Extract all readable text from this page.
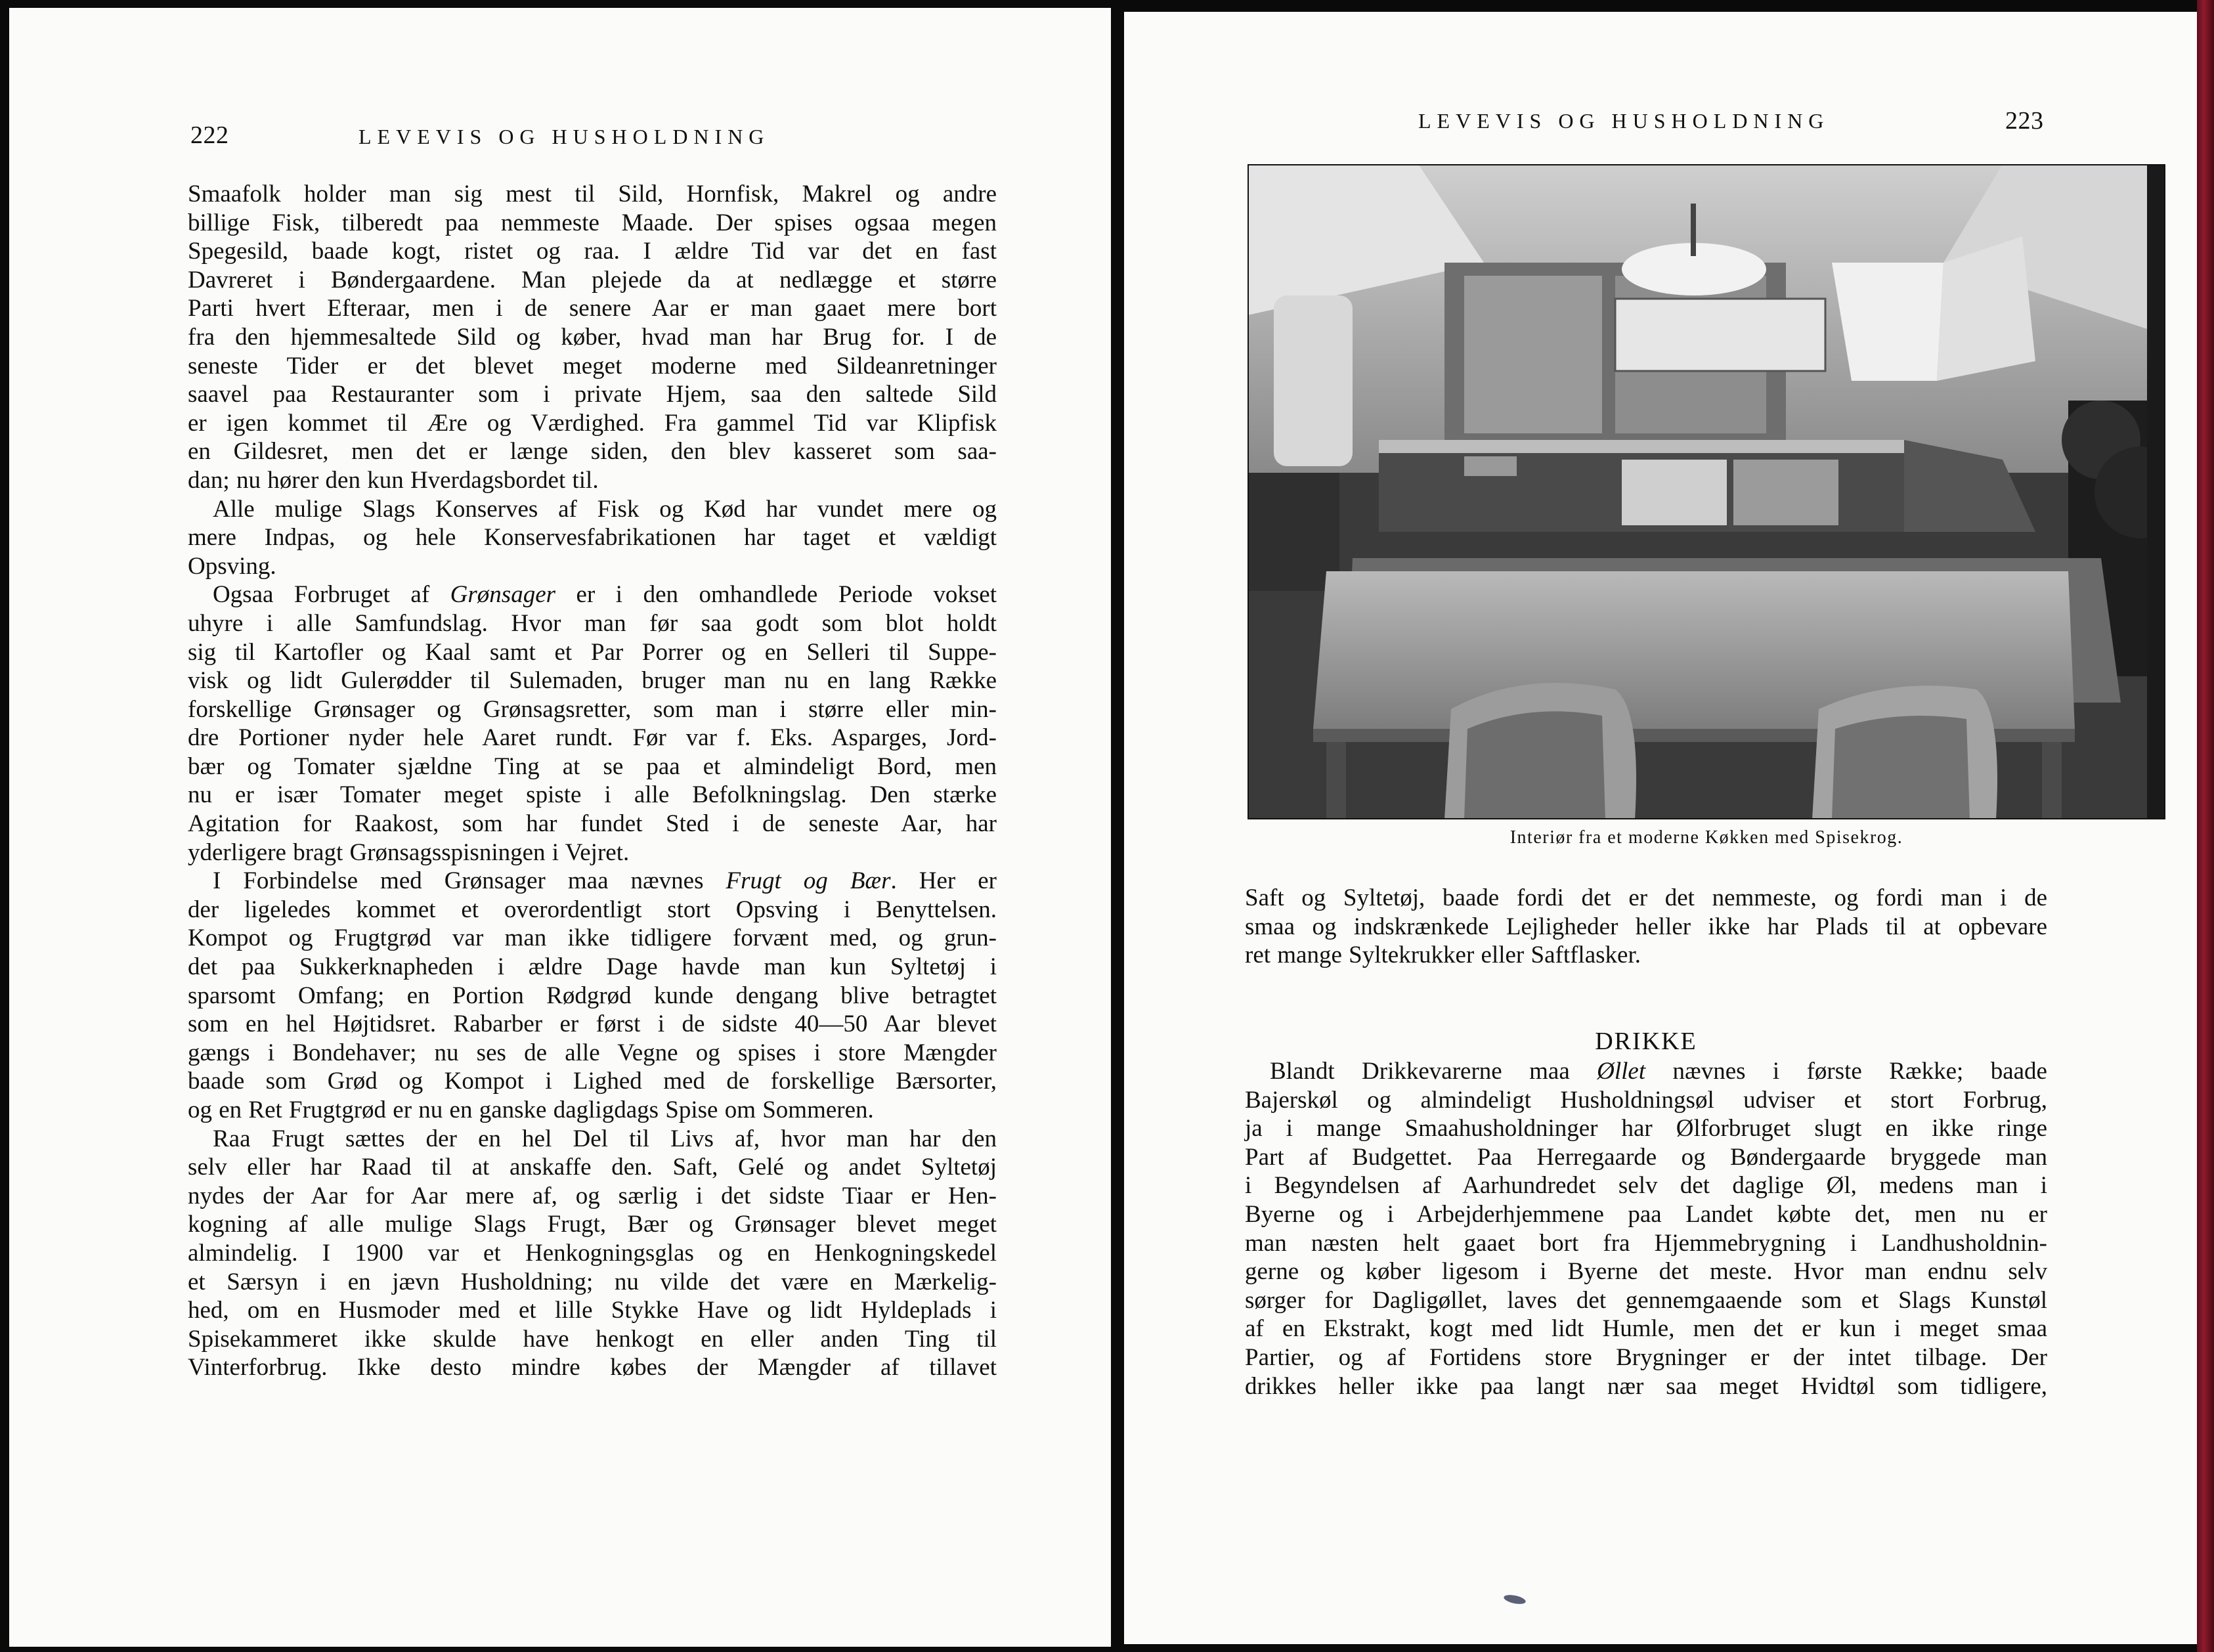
222	LEVEVIS OG HUSHOLDNING
Smaafolk holder man sig mest til Sild, Hornfisk, Makrel og andre
billige Fisk, tilberedt paa nemmeste Maade. Der spises ogsaa megen
Spegesild, baade kogt, ristet og raa. I ældre Tid var det en fast
Davreret i Bøndergaardene. Man plejede da at nedlægge et større
Parti hvert Efteraar, men i de senere Aar er man gaaet mere bort
fra den hjemmesaltede Sild og køber, hvad man har Brug for. I de
seneste Tider er det blevet meget moderne med Sildeanretninger
saavel paa Restauranter som i private Hjem, saa den saltede Sild
er igen kommet til Ære og Værdighed. Fra gammel Tid var Klipfisk
en Gildesret, men det er længe siden, den blev kasseret som saa-
dan; nu hører den kun Hverdagsbordet til.
Alle mulige Slags Konserves af Fisk og Kød har vundet mere og
mere Indpas, og hele Konservesfabrikationen har taget et vældigt
Opsving.
Ogsaa Forbruget af Grønsager er i den omhandlede Periode vokset
uhyre i alle Samfundslag. Hvor man før saa godt som blot holdt
sig til Kartofler og Kaal samt et Par Porrer og en Selleri til Suppe-
visk og lidt Gulerødder til Sulemaden, bruger man nu en lang Række
forskellige Grønsager og Grønsagsretter, som man i større eller min-
dre Portioner nyder hele Aaret rundt. Før var f. Eks. Asparges, Jord-
bær og Tomater sjældne Ting at se paa et almindeligt Bord, men
nu er især Tomater meget spiste i alle Befolkningslag. Den stærke
Agitation for Raakost, som har fundet Sted i de seneste Aar, har
yderligere bragt Grønsagsspisningen i Vejret.
I Forbindelse med Grønsager maa nævnes Frugt og Bær. Her er
der ligeledes kommet et overordentligt stort Opsving i Benyttelsen.
Kompot og Frugtgrød var man ikke tidligere forvænt med, og grun-
det paa Sukkerknapheden i ældre Dage havde man kun Syltetøj i
sparsomt Omfang; en Portion Rødgrød kunde dengang blive betragtet
som en hel Højtidsret. Rabarber er først i de sidste 40—50 Aar blevet
gængs i Bondehaver; nu ses de alle Vegne og spises i store Mængder
baade som Grød og Kompot i Lighed med de forskellige Bærsorter,
og en Ret Frugtgrød er nu en ganske dagligdags Spise om Sommeren.
Raa Frugt sættes der en hel Del til Livs af, hvor man har den
selv eller har Raad til at anskaffe den. Saft, Gelé og andet Syltetøj
nydes der Aar for Aar mere af, og særlig i det sidste Tiaar er Hen-
kogning af alle mulige Slags Frugt, Bær og Grønsager blevet meget
almindelig. I 1900 var et Henkogningsglas og en Henkogningskedel
et Særsyn i en jævn Husholdning; nu vilde det være en Mærkelig-
hed, om en Husmoder med et lille Stykke Have og lidt Hyldeplads i
Spisekammeret ikke skulde have henkogt en eller anden Ting til
Vinterforbrug. Ikke desto mindre købes der Mængder af tillavet
LEVEVIS OG HUSHOLDNING	223
Interiør fra et moderne Køkken med Spisekrog.
Saft og Syltetøj, baade fordi det er det nemmeste, og fordi man i de
smaa og indskrænkede Lejligheder heller ikke har Plads til at opbevare
ret mange Syltekrukker eller Saftflasker.
DRIKKE
Blandt Drikkevarerne maa Øllet nævnes i første Række; baade
Bajerskøl og almindeligt Husholdningsøl udviser et stort Forbrug,
ja i mange Smaahusholdninger har Ølforbruget slugt en ikke ringe
Part af Budgettet. Paa Herregaarde og Bøndergaarde bryggede man
i Begyndelsen af Aarhundredet selv det daglige Øl, medens man i
Byerne og i Arbejderhjemmene paa Landet købte det, men nu er
man næsten helt gaaet bort fra Hjemmebrygning i Landhusholdnin-
gerne og køber ligesom i Byerne det meste. Hvor man endnu selv
sørger for Dagligøllet, laves det gennemgaaende som et Slags Kunstøl
af en Ekstrakt, kogt med lidt Humle, men det er kun i meget smaa
Partier, og af Fortidens store Brygninger er der intet tilbage. Der
drikkes heller ikke paa langt nær saa meget Hvidtøl som tidligere,
